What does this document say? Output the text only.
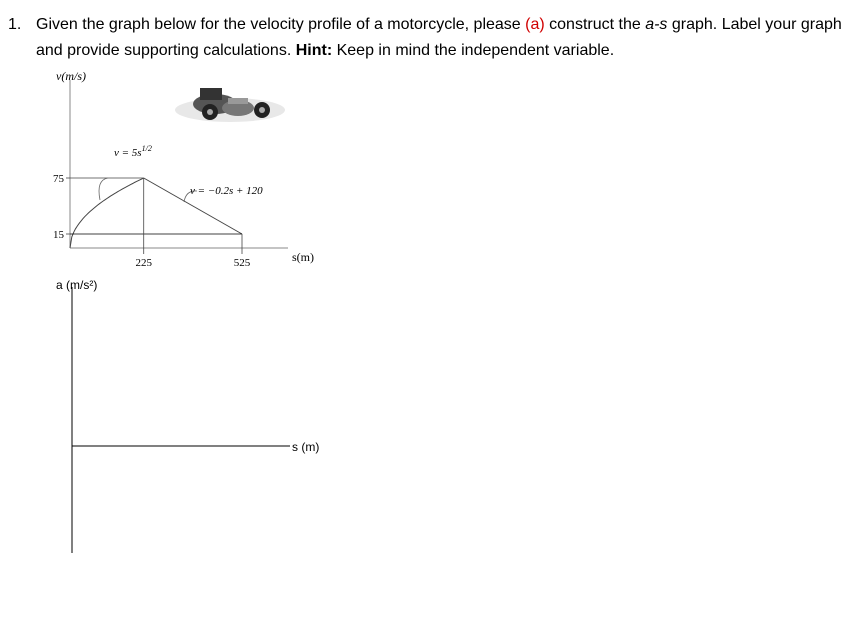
1. Given the graph below for the velocity profile of a motorcycle, please (a) construct the a-s graph. Label your graph and provide supporting calculations. Hint: Keep in mind the independent variable.
v(m/s)
75
15
225	525
$v = 5s^{1/2}$
v = −0.2s + 120
s(m)
a (m/s²)
s (m)
